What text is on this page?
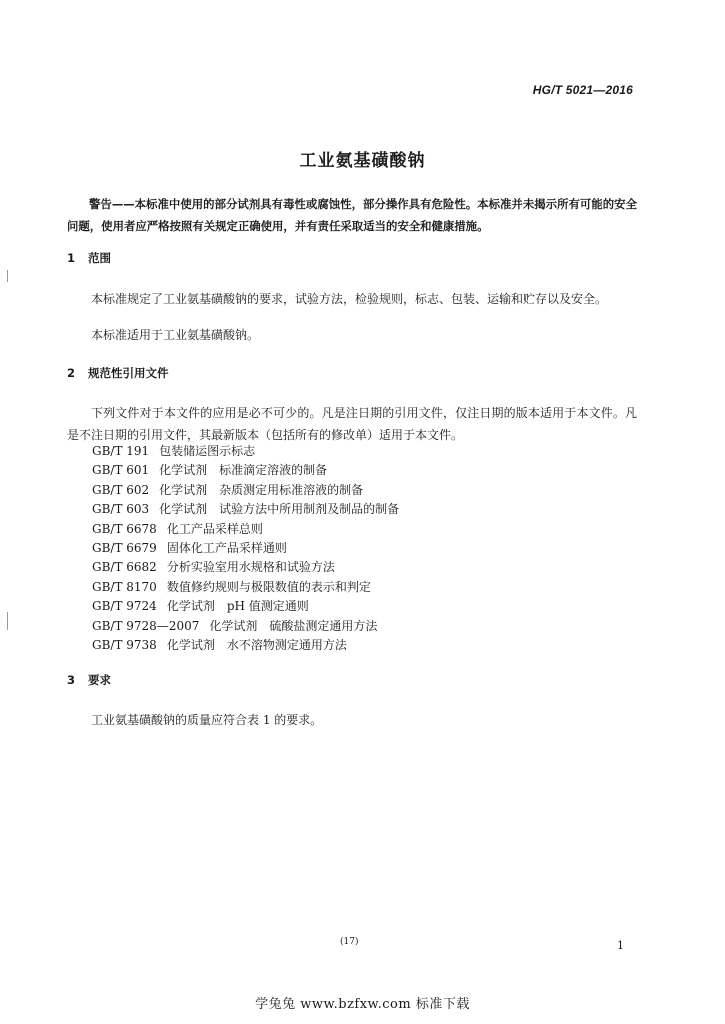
HG/T 5021—2016
工业氨基磺酸钠
警告——本标准中使用的部分试剂具有毒性或腐蚀性，部分操作具有危险性。本标准并未揭示所有可能的安全问题，使用者应严格按照有关规定正确使用，并有责任采取适当的安全和健康措施。
1 范围
本标准规定了工业氨基磺酸钠的要求，试验方法，检验规则，标志、包装、运输和贮存以及安全。
本标准适用于工业氨基磺酸钠。
2 规范性引用文件
下列文件对于本文件的应用是必不可少的。凡是注日期的引用文件，仅注日期的版本适用于本文件。凡是不注日期的引用文件，其最新版本（包括所有的修改单）适用于本文件。
GB/T 191 包装储运图示标志
GB/T 601 化学试剂　标准滴定溶液的制备
GB/T 602 化学试剂　杂质测定用标准溶液的制备
GB/T 603 化学试剂　试验方法中所用制剂及制品的制备
GB/T 6678 化工产品采样总则
GB/T 6679 固体化工产品采样通则
GB/T 6682 分析实验室用水规格和试验方法
GB/T 8170 数值修约规则与极限数值的表示和判定
GB/T 9724 化学试剂　pH 值测定通则
GB/T 9728—2007 化学试剂　硫酸盐测定通用方法
GB/T 9738 化学试剂　水不溶物测定通用方法
3 要求
工业氨基磺酸钠的质量应符合表 1 的要求。
(17)	1
学兔兔 www.bzfxw.com 标准下载
